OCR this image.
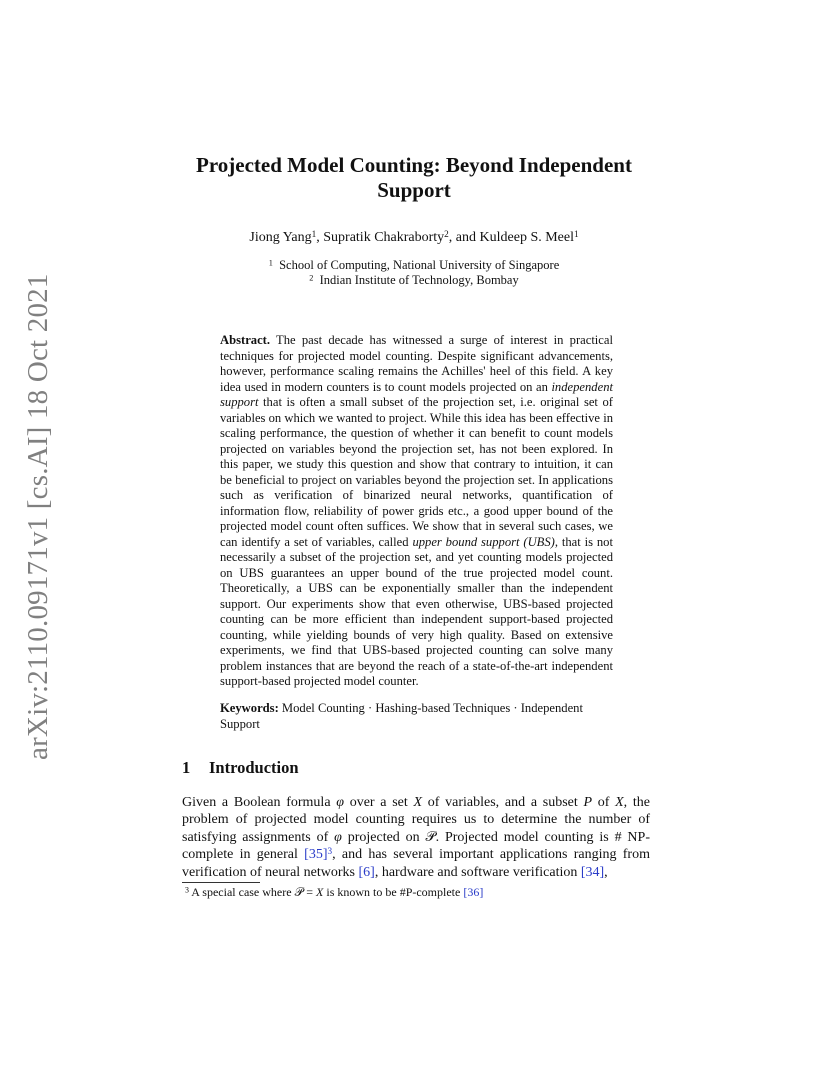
arXiv:2110.09171v1 [cs.AI] 18 Oct 2021
Projected Model Counting: Beyond Independent
Support
Jiong Yang$^1$, Supratik Chakraborty$^2$, and Kuldeep S. Meel$^1$
$^1$ School of Computing, National University of Singapore
$^2$ Indian Institute of Technology, Bombay
Abstract. The past decade has witnessed a surge of interest in practical techniques for projected model counting. Despite significant advancements, however, performance scaling remains the Achilles' heel of this field. A key idea used in modern counters is to count models projected on an independent support that is often a small subset of the projection set, i.e. original set of variables on which we wanted to project. While this idea has been effective in scaling performance, the question of whether it can benefit to count models projected on variables beyond the projection set, has not been explored. In this paper, we study this question and show that contrary to intuition, it can be beneficial to project on variables beyond the projection set. In applications such as verification of binarized neural networks, quantification of information flow, reliability of power grids etc., a good upper bound of the projected model count often suffices. We show that in several such cases, we can identify a set of variables, called upper bound support (UBS), that is not necessarily a subset of the projection set, and yet counting models projected on UBS guarantees an upper bound of the true projected model count. Theoretically, a UBS can be exponentially smaller than the independent support. Our experiments show that even otherwise, UBS-based projected counting can be more efficient than independent support-based projected counting, while yielding bounds of very high quality. Based on extensive experiments, we find that UBS-based projected counting can solve many problem instances that are beyond the reach of a state-of-the-art independent support-based projected model counter.
Keywords: Model Counting · Hashing-based Techniques · Independent Support
1 Introduction
Given a Boolean formula φ over a set X of variables, and a subset P of X, the problem of projected model counting requires us to determine the number of satisfying assignments of φ projected on 𝒫. Projected model counting is # NP-complete in general [35]$^3$, and has several important applications ranging from verification of neural networks [6], hardware and software verification [34],
$^3$ A special case where 𝒫 = X is known to be #P-complete [36]
